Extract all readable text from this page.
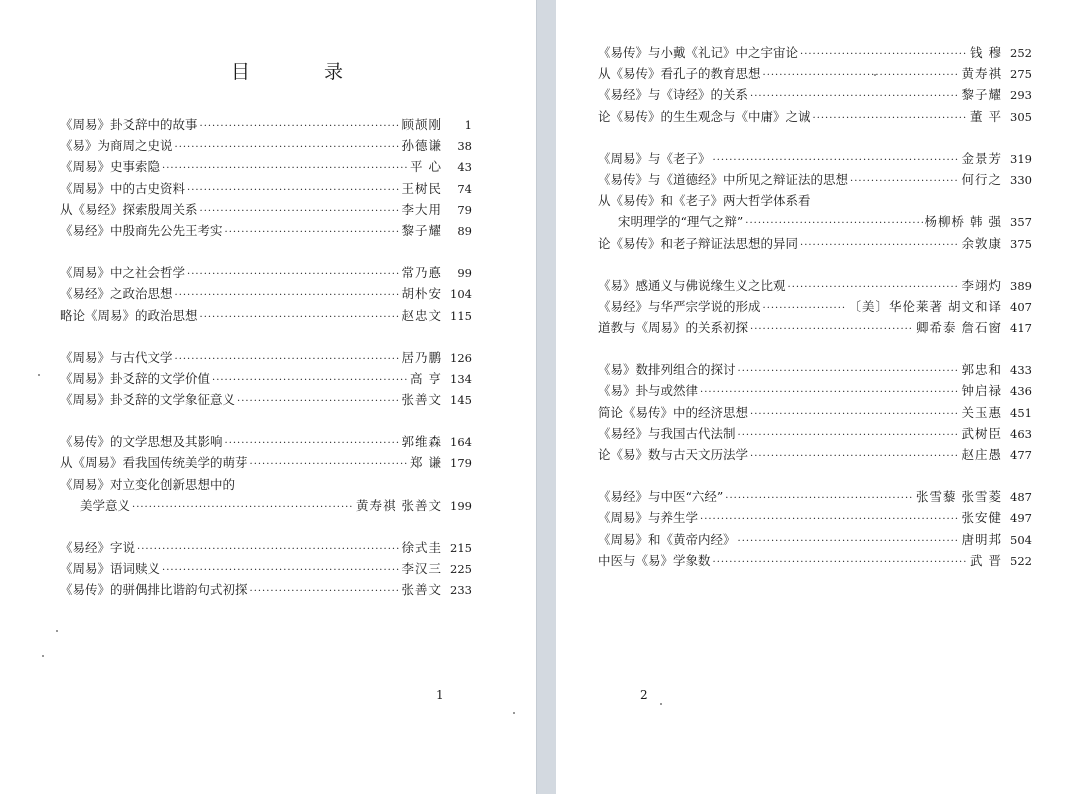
目 录
《周易》卦爻辞中的故事 ·····	顾颉刚	1
《易》为商周之史说 ·····	孙德谦	38
《周易》史事索隐 ·····	平 心	43
《周易》中的古史资料 ·····	王树民	74
从《易经》探索殷周关系 ·····	李大用	79
《易经》中殷商先公先王考实 ·····	黎子耀	89
《周易》中之社会哲学 ·····	常乃悳	99
《易经》之政治思想 ·····	胡朴安 104
略论《周易》的政治思想 ·····	赵忠文 115
《周易》与古代文学 ·····	居乃鹏 126
《周易》卦爻辞的文学价值 ·····	高 亨 134
《周易》卦爻辞的文学象征意义 ·····	张善文 145
《易传》的文学思想及其影响 ·····	郭维森 164
从《周易》看我国传统美学的萌芽 ·····	郑 谦 179
《周易》对立变化创新思想中的
美学意义 ·····	黄寿祺 张善文 199
《易经》字说 ·····	徐式圭 215
《周易》语词赎义 ·····	李汉三 225
《易传》的骈偶排比谐韵句式初探 ·····	张善文 233
1
《易传》与小戴《礼记》中之宇宙论 ·····	钱 穆 252
从《易传》看孔子的教育思想 ·····	黄寿祺 275
《易经》与《诗经》的关系 ·····	黎子耀 293
论《易传》的生生观念与《中庸》之诚 ·····	董 平 305
《周易》与《老子》 ·····	金景芳 319
《易传》与《道德经》中所见之辩证法的思想 ·····	何行之 330
从《易传》和《老子》两大哲学体系看
宋明理学的“理气之辩” ·····	杨柳桥 韩 强 357
论《易传》和老子辩证法思想的异同 ·····	余敦康 375
《易》感通义与佛说缘生义之比观 ·····	李翊灼 389
《易经》与华严宗学说的形成 ·····	〔美〕华伦莱著 胡文和译 407
道教与《周易》的关系初探 ·····	卿希泰 詹石窗 417
《易》数排列组合的探讨 ·····	郭忠和 433
《易》卦与或然律 ·····	钟启禄 436
简论《易传》中的经济思想 ·····	关玉惠 451
《易经》与我国古代法制 ·····	武树臣 463
论《易》数与古天文历法学 ·····	赵庄愚 477
《易经》与中医“六经” ·····	张雪藜 张雪菱 487
《周易》与养生学 ·····	张安健 497
《周易》和《黄帝内经》 ·····	唐明邦 504
中医与《易》学象数 ·····	武 晋 522
2
